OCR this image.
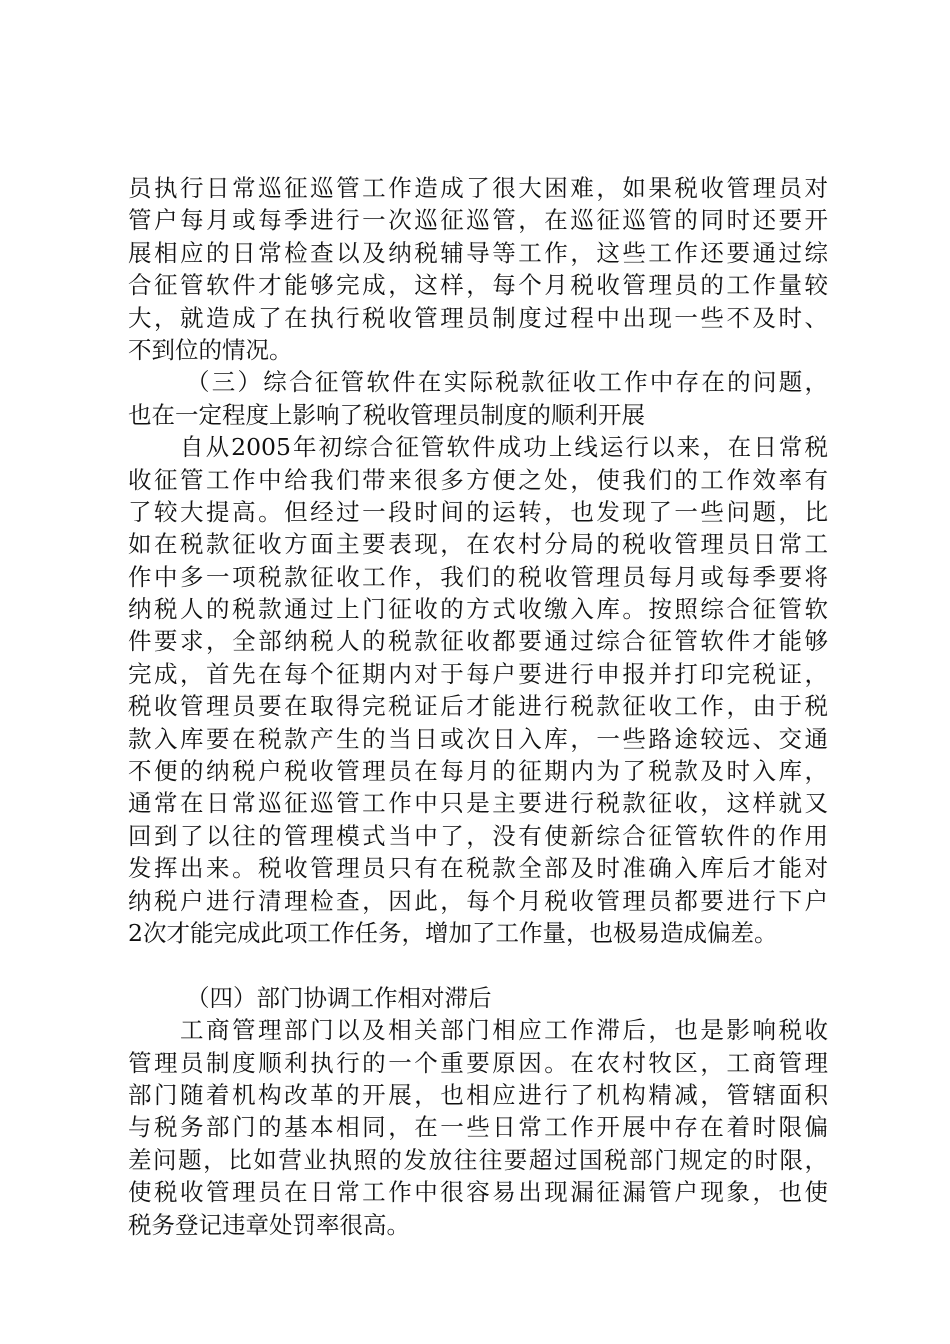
员执行日常巡征巡管工作造成了很大困难，如果税收管理员对
管户每月或每季进行一次巡征巡管，在巡征巡管的同时还要开
展相应的日常检查以及纳税辅导等工作，这些工作还要通过综
合征管软件才能够完成，这样，每个月税收管理员的工作量较
大，就造成了在执行税收管理员制度过程中出现一些不及时、
不到位的情况。
（三）综合征管软件在实际税款征收工作中存在的问题，
也在一定程度上影响了税收管理员制度的顺利开展
自从2005年初综合征管软件成功上线运行以来，在日常税
收征管工作中给我们带来很多方便之处，使我们的工作效率有
了较大提高。但经过一段时间的运转，也发现了一些问题，比
如在税款征收方面主要表现，在农村分局的税收管理员日常工
作中多一项税款征收工作，我们的税收管理员每月或每季要将
纳税人的税款通过上门征收的方式收缴入库。按照综合征管软
件要求，全部纳税人的税款征收都要通过综合征管软件才能够
完成，首先在每个征期内对于每户要进行申报并打印完税证，
税收管理员要在取得完税证后才能进行税款征收工作，由于税
款入库要在税款产生的当日或次日入库，一些路途较远、交通
不便的纳税户税收管理员在每月的征期内为了税款及时入库，
通常在日常巡征巡管工作中只是主要进行税款征收，这样就又
回到了以往的管理模式当中了，没有使新综合征管软件的作用
发挥出来。税收管理员只有在税款全部及时准确入库后才能对
纳税户进行清理检查，因此，每个月税收管理员都要进行下户
2次才能完成此项工作任务，增加了工作量，也极易造成偏差。
（四）部门协调工作相对滞后
工商管理部门以及相关部门相应工作滞后，也是影响税收
管理员制度顺利执行的一个重要原因。在农村牧区，工商管理
部门随着机构改革的开展，也相应进行了机构精减，管辖面积
与税务部门的基本相同，在一些日常工作开展中存在着时限偏
差问题，比如营业执照的发放往往要超过国税部门规定的时限，
使税收管理员在日常工作中很容易出现漏征漏管户现象，也使
税务登记违章处罚率很高。
